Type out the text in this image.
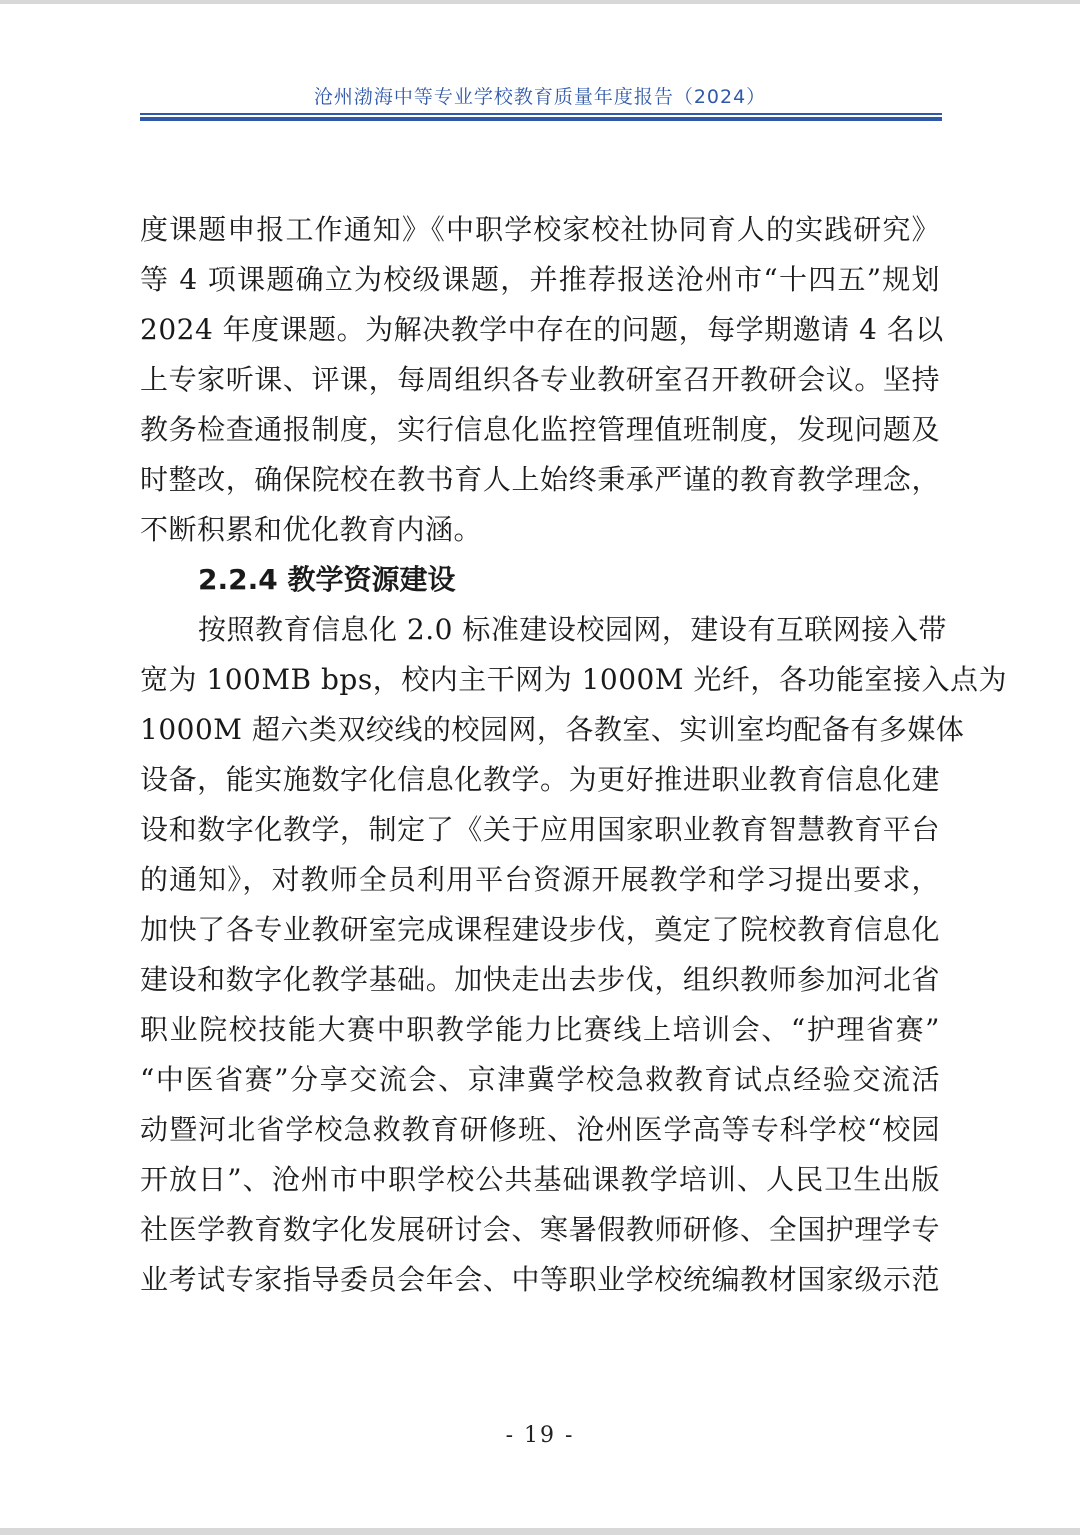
沧州渤海中等专业学校教育质量年度报告（2024）
度课题申报工作通知》《中职学校家校社协同育人的实践研究》
等 4 项课题确立为校级课题，并推荐报送沧州市“十四五”规划
2024 年度课题。为解决教学中存在的问题，每学期邀请 4 名以
上专家听课、评课，每周组织各专业教研室召开教研会议。坚持
教务检查通报制度，实行信息化监控管理值班制度，发现问题及
时整改，确保院校在教书育人上始终秉承严谨的教育教学理念，
不断积累和优化教育内涵。
2.2.4 教学资源建设
按照教育信息化 2.0 标准建设校园网，建设有互联网接入带
宽为 100MB bps，校内主干网为 1000M 光纤，各功能室接入点为
1000M 超六类双绞线的校园网，各教室、实训室均配备有多媒体
设备，能实施数字化信息化教学。为更好推进职业教育信息化建
设和数字化教学，制定了《关于应用国家职业教育智慧教育平台
的通知》，对教师全员利用平台资源开展教学和学习提出要求，
加快了各专业教研室完成课程建设步伐，奠定了院校教育信息化
建设和数字化教学基础。加快走出去步伐，组织教师参加河北省
职业院校技能大赛中职教学能力比赛线上培训会、“护理省赛”
“中医省赛”分享交流会、京津冀学校急救教育试点经验交流活
动暨河北省学校急救教育研修班、沧州医学高等专科学校“校园
开放日”、沧州市中职学校公共基础课教学培训、人民卫生出版
社医学教育数字化发展研讨会、寒暑假教师研修、全国护理学专
业考试专家指导委员会年会、中等职业学校统编教材国家级示范
- 19 -
